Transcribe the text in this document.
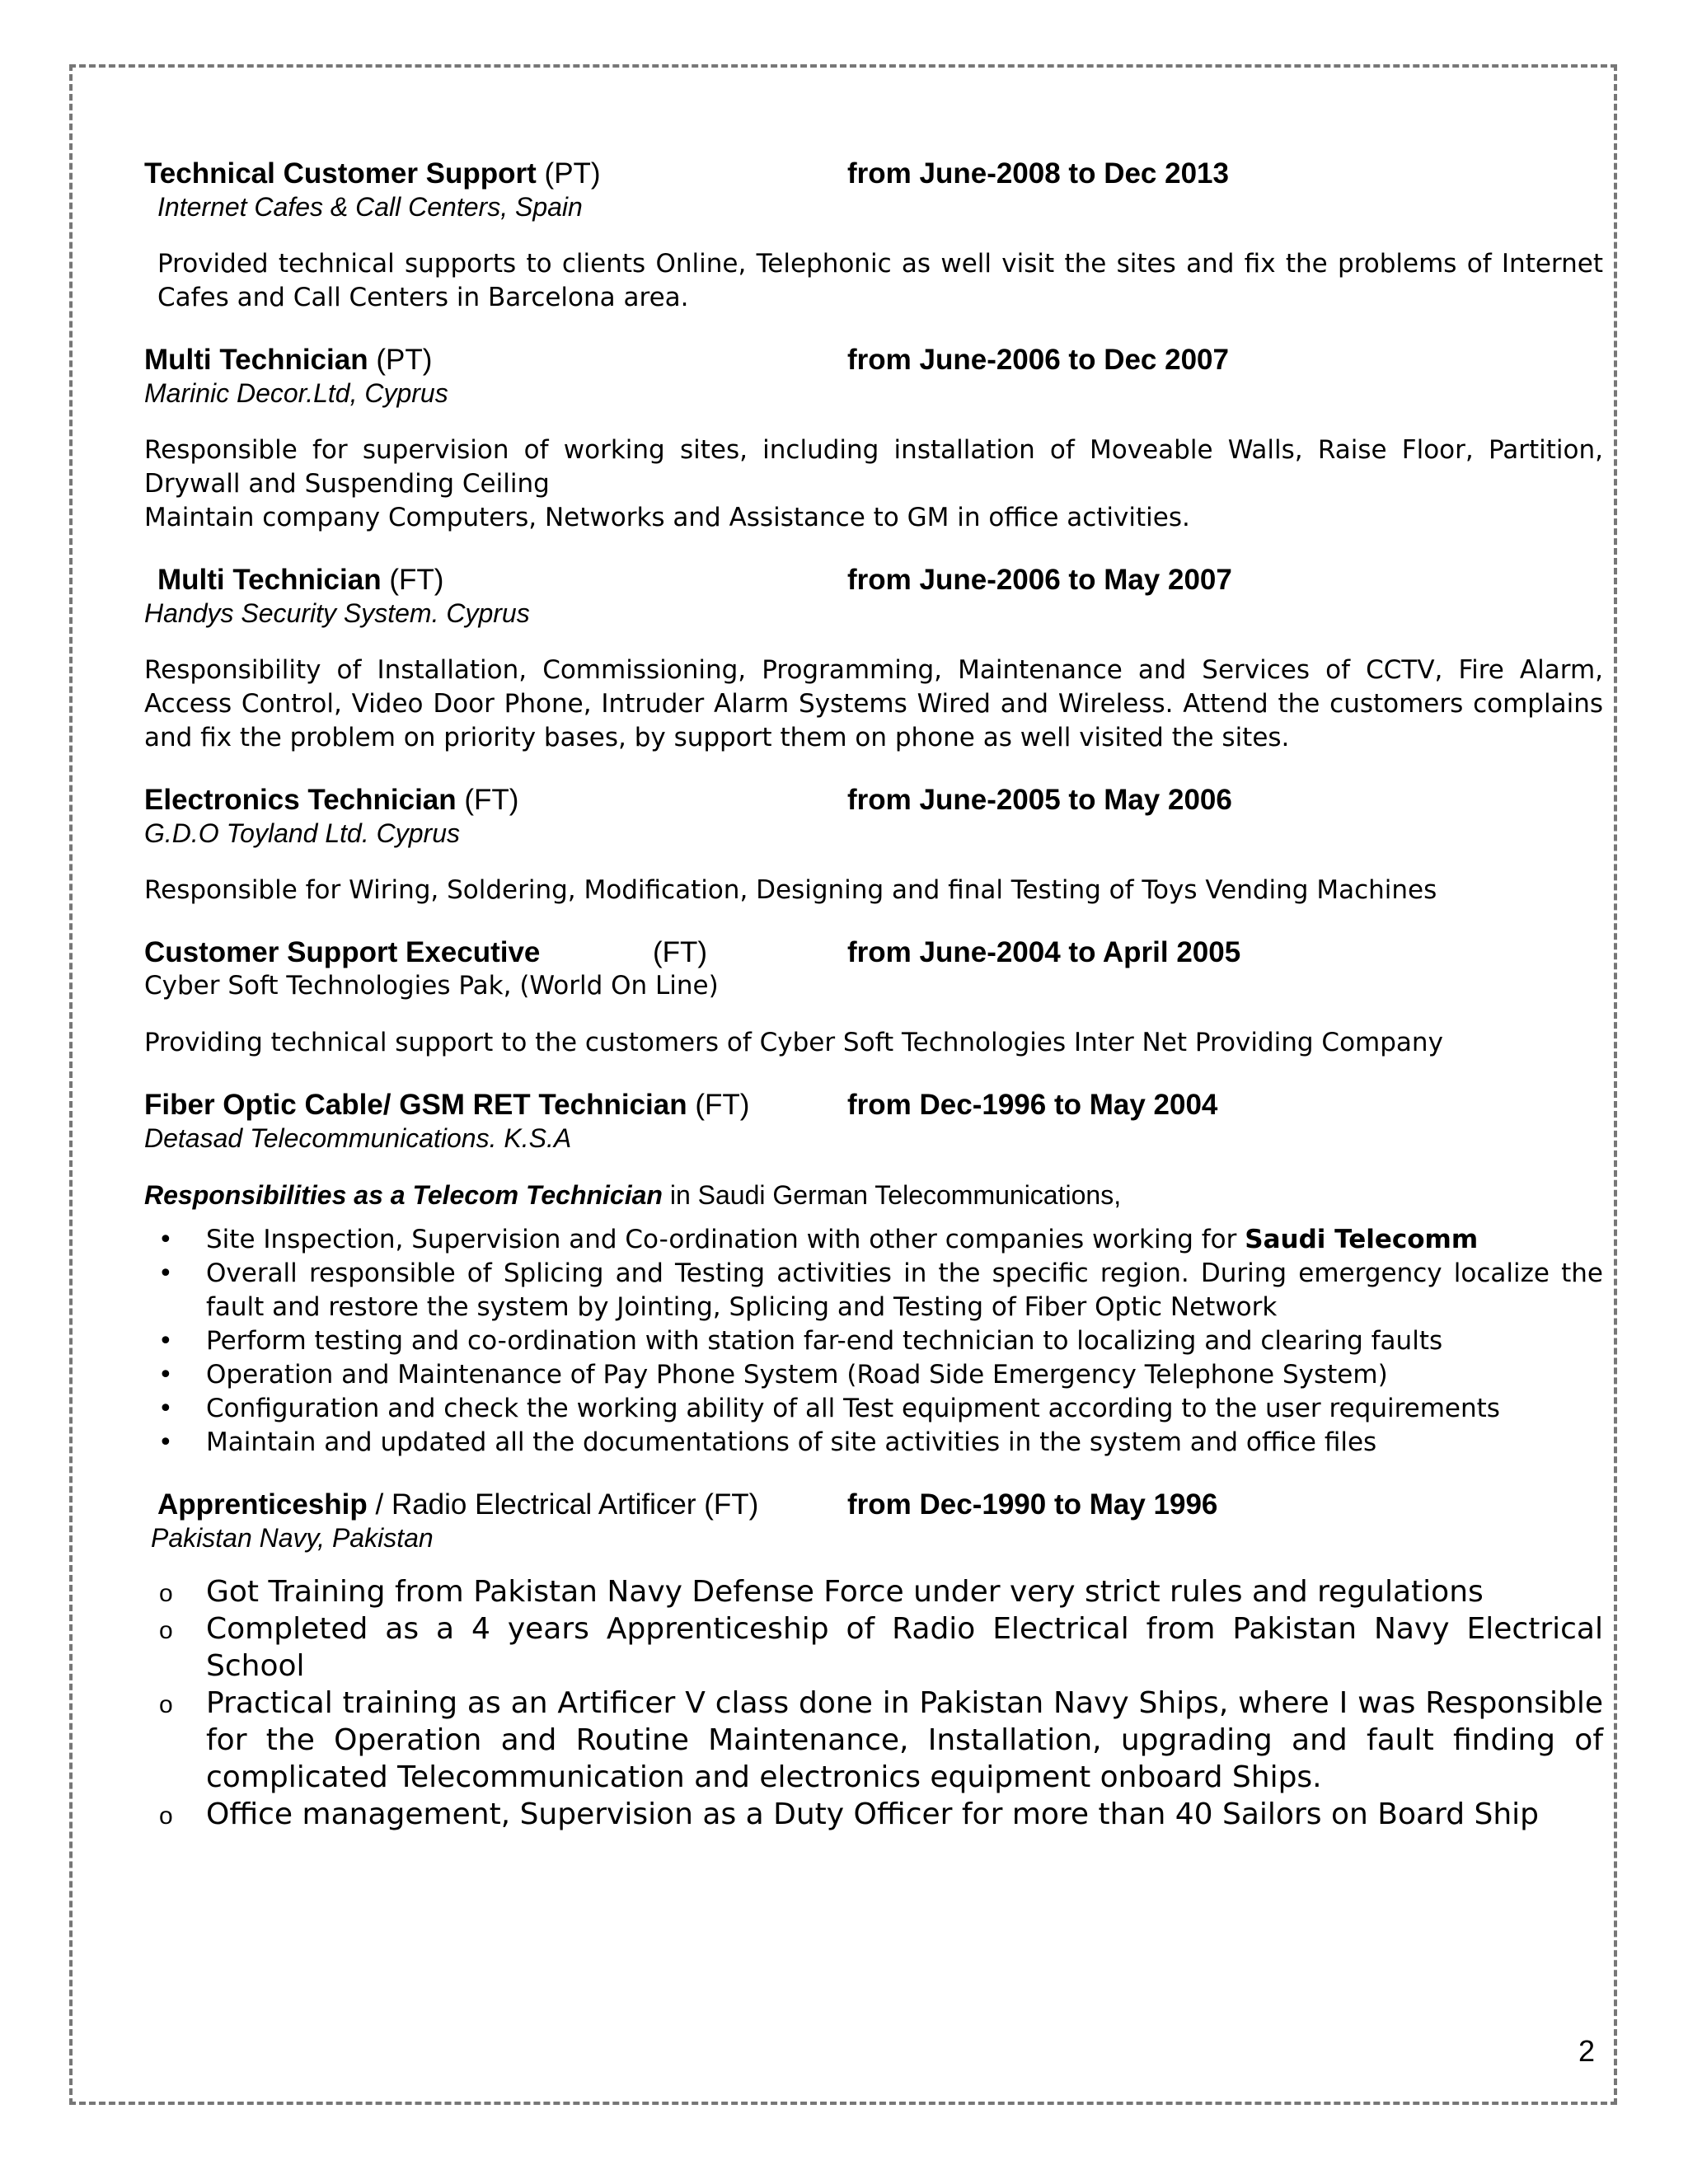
Technical Customer Support (PT)	from June-2008 to Dec 2013
Internet Cafes & Call Centers, Spain
Provided technical supports to clients Online, Telephonic as well visit the sites and fix the problems of Internet Cafes and Call Centers in Barcelona area.
Multi Technician (PT)	from June-2006 to Dec 2007
Marinic Decor.Ltd, Cyprus
Responsible for supervision of working sites, including installation of Moveable Walls, Raise Floor, Partition, Drywall and Suspending Ceiling
Maintain company Computers, Networks and Assistance to GM in office activities.
Multi Technician (FT)	from June-2006 to May 2007
Handys Security System. Cyprus
Responsibility of Installation, Commissioning, Programming, Maintenance and Services of CCTV, Fire Alarm, Access Control, Video Door Phone, Intruder Alarm Systems Wired and Wireless. Attend the customers complains and fix the problem on priority bases, by support them on phone as well visited the sites.
Electronics Technician (FT)	from June-2005 to May 2006
G.D.O Toyland Ltd. Cyprus
Responsible for Wiring, Soldering, Modification, Designing and final Testing of Toys Vending Machines
Customer Support Executive	(FT)	from June-2004 to April 2005
Cyber Soft Technologies Pak, (World On Line)
Providing technical support to the customers of Cyber Soft Technologies Inter Net Providing Company
Fiber Optic Cable/ GSM RET Technician (FT)	from Dec-1996 to May 2004
Detasad Telecommunications. K.S.A
Responsibilities as a Telecom Technician in Saudi German Telecommunications,
• Site Inspection, Supervision and Co-ordination with other companies working for Saudi Telecomm
• Overall responsible of Splicing and Testing activities in the specific region. During emergency localize the fault and restore the system by Jointing, Splicing and Testing of Fiber Optic Network
• Perform testing and co-ordination with station far-end technician to localizing and clearing faults
• Operation and Maintenance of Pay Phone System (Road Side Emergency Telephone System)
• Configuration and check the working ability of all Test equipment according to the user requirements
• Maintain and updated all the documentations of site activities in the system and office files
Apprenticeship / Radio Electrical Artificer (FT)	from Dec-1990 to May 1996
Pakistan Navy, Pakistan
o Got Training from Pakistan Navy Defense Force under very strict rules and regulations
o Completed as a 4 years Apprenticeship of Radio Electrical from Pakistan Navy Electrical School
o Practical training as an Artificer V class done in Pakistan Navy Ships, where I was Responsible for the Operation and Routine Maintenance, Installation, upgrading and fault finding of complicated Telecommunication and electronics equipment onboard Ships.
o Office management, Supervision as a Duty Officer for more than 40 Sailors on Board Ship
2
